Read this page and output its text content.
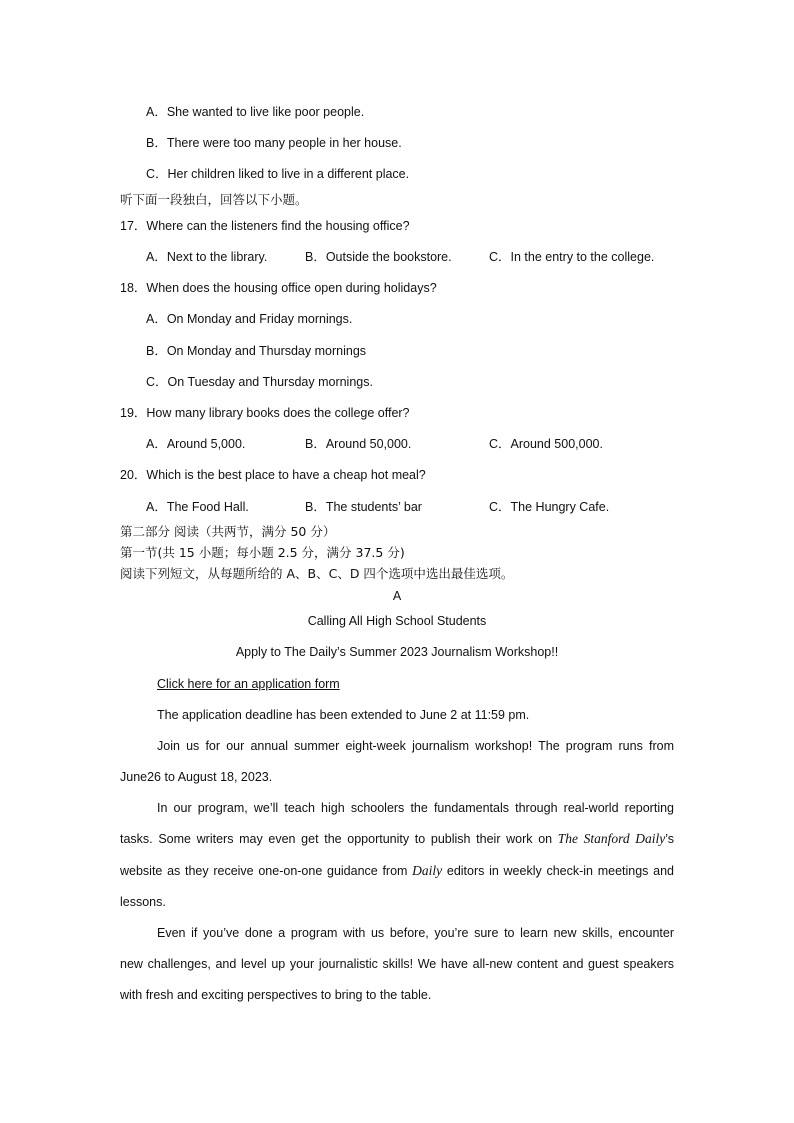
A．She wanted to live like poor people.
B．There were too many people in her house.
C．Her children liked to live in a different place.
听下面一段独白，回答以下小题。
17．Where can the listeners find the housing office?
A．Next to the library.	B．Outside the bookstore.	C．In the entry to the college.
18．When does the housing office open during holidays?
A．On Monday and Friday mornings.
B．On Monday and Thursday mornings
C．On Tuesday and Thursday mornings.
19．How many library books does the college offer?
A．Around 5,000.	B．Around 50,000.	C．Around 500,000.
20．Which is the best place to have a cheap hot meal?
A．The Food Hall.	B．The students’ bar	C．The Hungry Cafe.
第二部分 阅读（共两节，满分 50 分）
第一节(共 15 小题；每小题 2.5 分，满分 37.5 分)
阅读下列短文，从每题所给的 A、B、C、D 四个选项中选出最佳选项。
A
Calling All High School Students
Apply to The Daily’s Summer 2023 Journalism Workshop!!
Click here for an application form
The application deadline has been extended to June 2 at 11:59 pm.
Join us for our annual summer eight-week journalism workshop! The program runs from
June26 to August 18, 2023.
In our program, we’ll teach high schoolers the fundamentals through real-world reporting
tasks. Some writers may even get the opportunity to publish their work on The Stanford Daily’s
website as they receive one-on-one guidance from Daily editors in weekly check-in meetings and
lessons.
Even if you’ve done a program with us before, you’re sure to learn new skills, encounter
new challenges, and level up your journalistic skills! We have all-new content and guest speakers
with fresh and exciting perspectives to bring to the table.
